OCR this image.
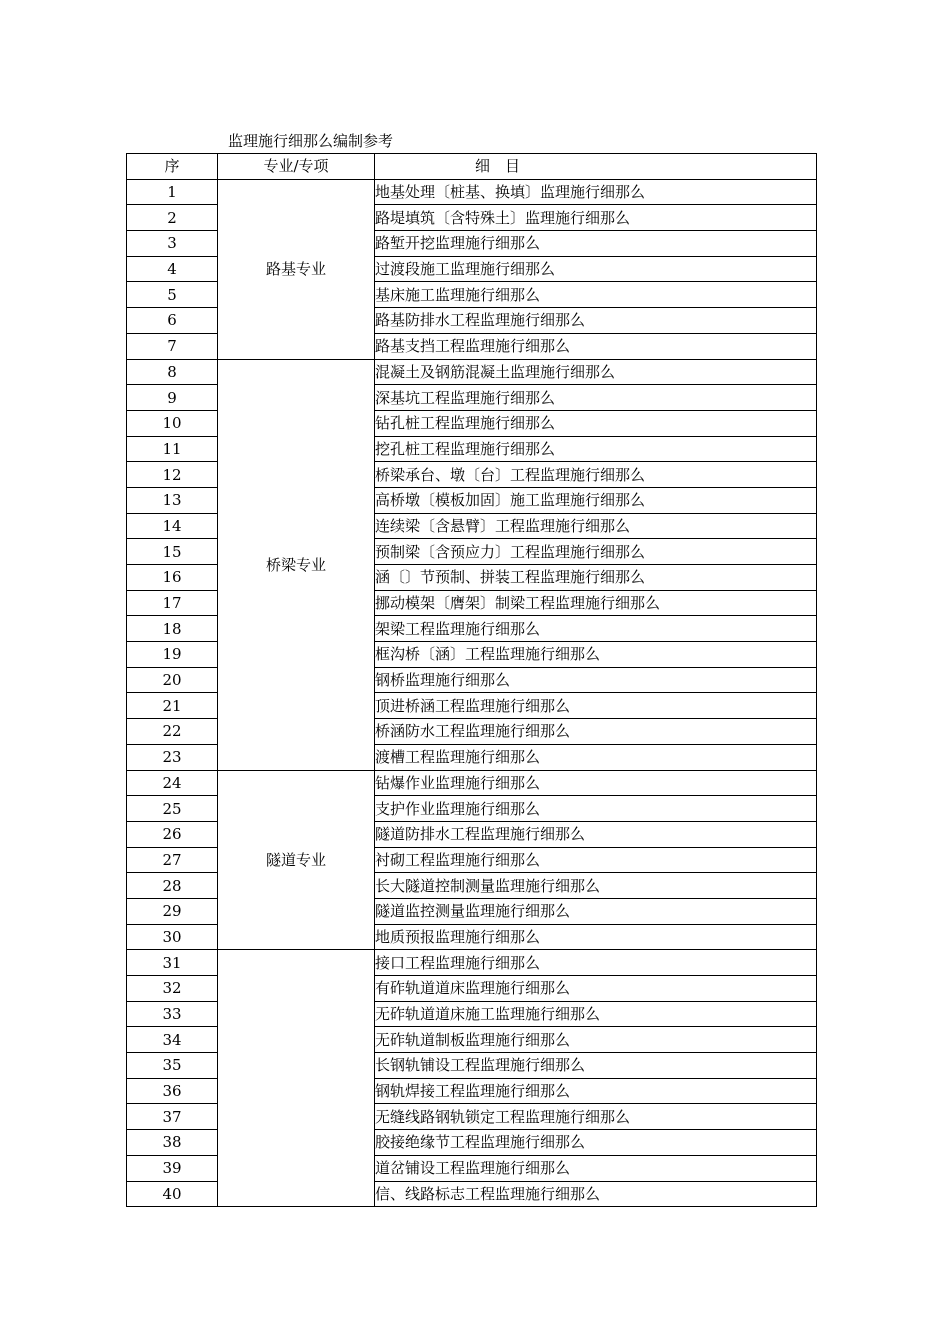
监理施行细那么编制参考
序	专业/专项	细　目
1	路基专业	地基处理〔桩基、换填〕监理施行细那么
2		路堤填筑〔含特殊土〕监理施行细那么
3		路堑开挖监理施行细那么
4		过渡段施工监理施行细那么
5		基床施工监理施行细那么
6		路基防排水工程监理施行细那么
7		路基支挡工程监理施行细那么
8	桥梁专业	混凝土及钢筋混凝土监理施行细那么
9		深基坑工程监理施行细那么
10		钻孔桩工程监理施行细那么
11		挖孔桩工程监理施行细那么
12		桥梁承台、墩〔台〕工程监理施行细那么
13		高桥墩〔模板加固〕施工监理施行细那么
14		连续梁〔含悬臂〕工程监理施行细那么
15		预制梁〔含预应力〕工程监理施行细那么
16		涵〔〕节预制、拼装工程监理施行细那么
17		挪动模架〔膺架〕制梁工程监理施行细那么
18		架梁工程监理施行细那么
19		框沟桥〔涵〕工程监理施行细那么
20		钢桥监理施行细那么
21		顶进桥涵工程监理施行细那么
22		桥涵防水工程监理施行细那么
23		渡槽工程监理施行细那么
24	隧道专业	钻爆作业监理施行细那么
25		支护作业监理施行细那么
26		隧道防排水工程监理施行细那么
27		衬砌工程监理施行细那么
28		长大隧道控制测量监理施行细那么
29		隧道监控测量监理施行细那么
30		地质预报监理施行细那么
31		接口工程监理施行细那么
32		有砟轨道道床监理施行细那么
33		无砟轨道道床施工监理施行细那么
34		无砟轨道制板监理施行细那么
35		长钢轨铺设工程监理施行细那么
36		钢轨焊接工程监理施行细那么
37		无缝线路钢轨锁定工程监理施行细那么
38		胶接绝缘节工程监理施行细那么
39		道岔铺设工程监理施行细那么
40		信、线路标志工程监理施行细那么
